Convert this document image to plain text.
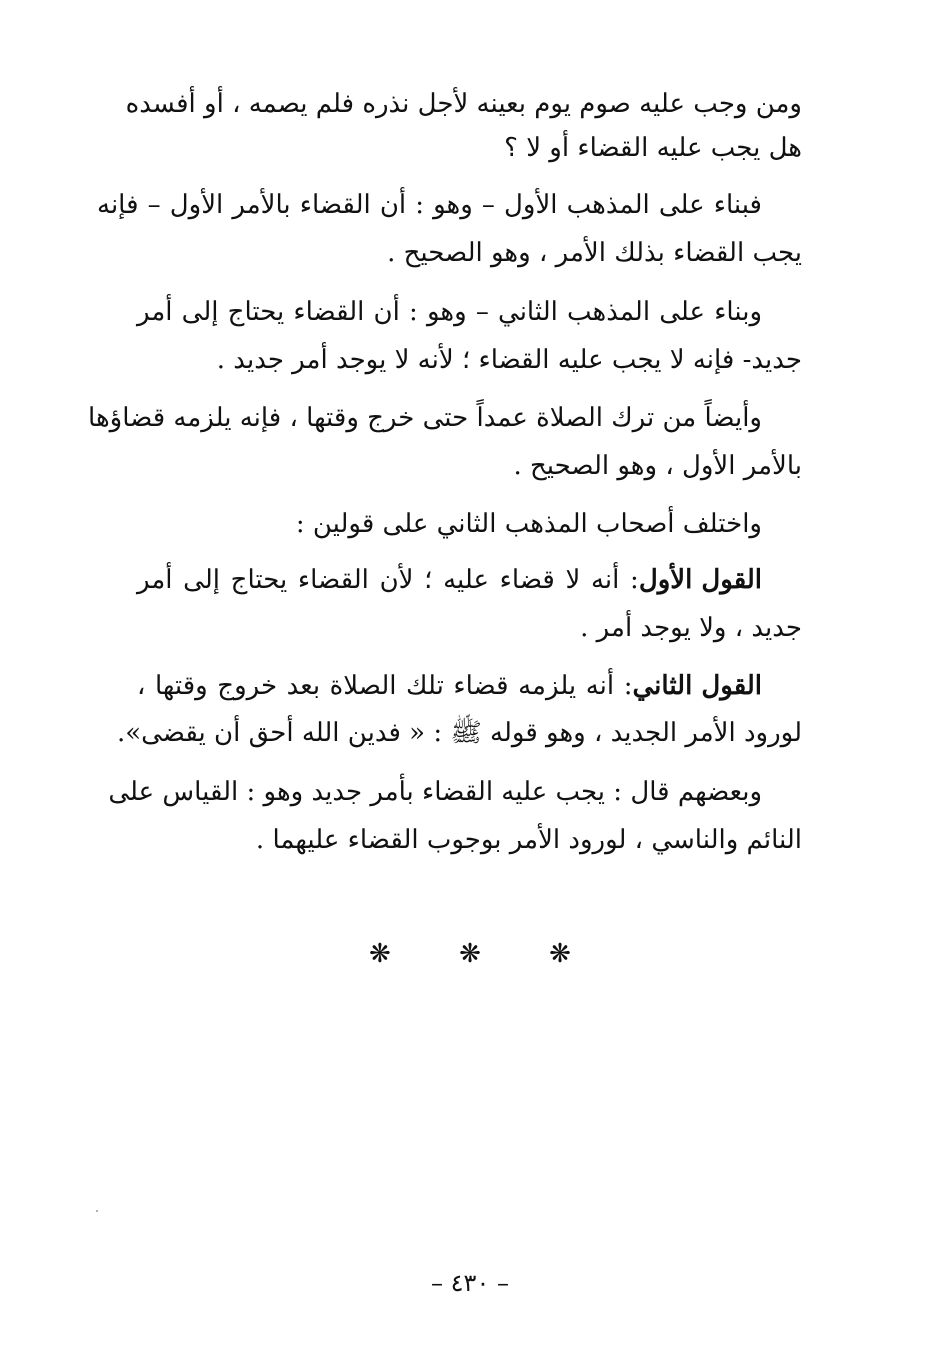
ومن وجب عليه صوم يوم بعينه لأجل نذره فلم يصمه ، أو أفسده
هل يجب عليه القضاء أو لا ؟
فبناء على المذهب الأول – وهو : أن القضاء بالأمر الأول – فإنه
يجب القضاء بذلك الأمر ، وهو الصحيح .
وبناء على المذهب الثاني – وهو : أن القضاء يحتاج إلى أمر
جديد- فإنه لا يجب عليه القضاء ؛ لأنه لا يوجد أمر جديد .
وأيضاً من ترك الصلاة عمداً حتى خرج وقتها ، فإنه يلزمه قضاؤها
بالأمر الأول ، وهو الصحيح .
واختلف أصحاب المذهب الثاني على قولين :
القول الأول
: أنه لا قضاء عليه ؛ لأن القضاء يحتاج إلى أمر
جديد ، ولا يوجد أمر .
القول الثاني
: أنه يلزمه قضاء تلك الصلاة بعد خروج وقتها ،
لورود الأمر الجديد ، وهو قوله ﷺ : « فدين الله أحق أن يقضى».
وبعضهم قال : يجب عليه القضاء بأمر جديد وهو : القياس على
النائم والناسي ، لورود الأمر بوجوب القضاء عليهما .
❋	❋	❋
– ٤٣٠ –
